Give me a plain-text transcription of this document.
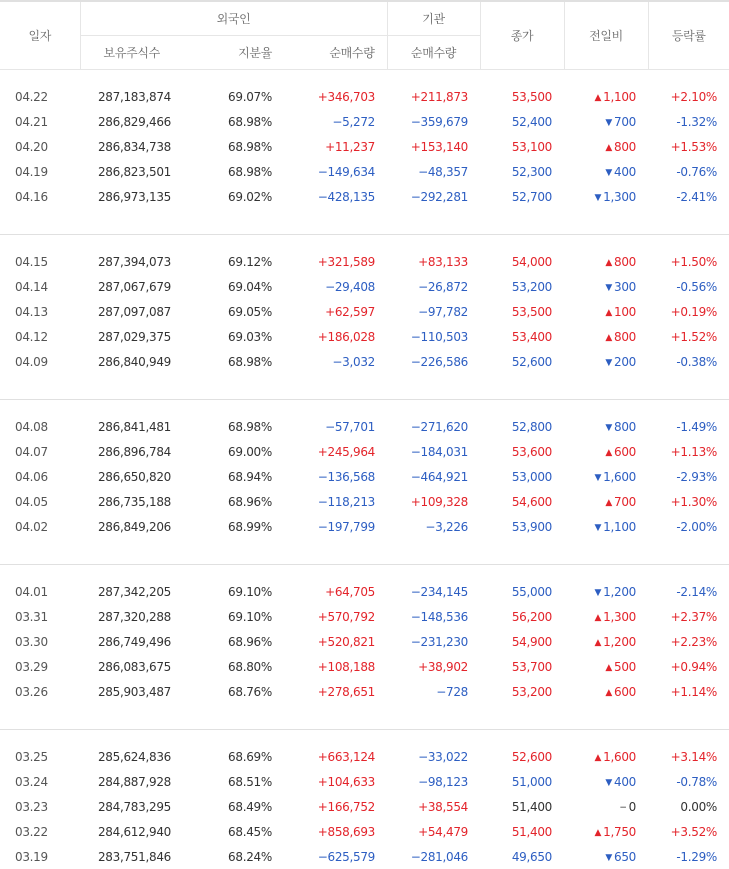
일자	외국인			기관	종가	전일비	등락률
	보유주식수	지분율	순매수량	순매수량			

04.22	287,183,874	69.07%	+346,703	+211,873	53,500	▲ 1,100	+2.10%
04.21	286,829,466	68.98%	−5,272	−359,679	52,400	▼ 700	-1.32%
04.20	286,834,738	68.98%	+11,237	+153,140	53,100	▲ 800	+1.53%
04.19	286,823,501	68.98%	−149,634	−48,357	52,300	▼ 400	-0.76%
04.16	286,973,135	69.02%	−428,135	−292,281	52,700	▼ 1,300	-2.41%

04.15	287,394,073	69.12%	+321,589	+83,133	54,000	▲ 800	+1.50%
04.14	287,067,679	69.04%	−29,408	−26,872	53,200	▼ 300	-0.56%
04.13	287,097,087	69.05%	+62,597	−97,782	53,500	▲ 100	+0.19%
04.12	287,029,375	69.03%	+186,028	−110,503	53,400	▲ 800	+1.52%
04.09	286,840,949	68.98%	−3,032	−226,586	52,600	▼ 200	-0.38%

04.08	286,841,481	68.98%	−57,701	−271,620	52,800	▼ 800	-1.49%
04.07	286,896,784	69.00%	+245,964	−184,031	53,600	▲ 600	+1.13%
04.06	286,650,820	68.94%	−136,568	−464,921	53,000	▼ 1,600	-2.93%
04.05	286,735,188	68.96%	−118,213	+109,328	54,600	▲ 700	+1.30%
04.02	286,849,206	68.99%	−197,799	−3,226	53,900	▼ 1,100	-2.00%

04.01	287,342,205	69.10%	+64,705	−234,145	55,000	▼ 1,200	-2.14%
03.31	287,320,288	69.10%	+570,792	−148,536	56,200	▲ 1,300	+2.37%
03.30	286,749,496	68.96%	+520,821	−231,230	54,900	▲ 1,200	+2.23%
03.29	286,083,675	68.80%	+108,188	+38,902	53,700	▲ 500	+0.94%
03.26	285,903,487	68.76%	+278,651	−728	53,200	▲ 600	+1.14%

03.25	285,624,836	68.69%	+663,124	−33,022	52,600	▲ 1,600	+3.14%
03.24	284,887,928	68.51%	+104,633	−98,123	51,000	▼ 400	-0.78%
03.23	284,783,295	68.49%	+166,752	+38,554	51,400	− 0	0.00%
03.22	284,612,940	68.45%	+858,693	+54,479	51,400	▲ 1,750	+3.52%
03.19	283,751,846	68.24%	−625,579	−281,046	49,650	▼ 650	-1.29%
